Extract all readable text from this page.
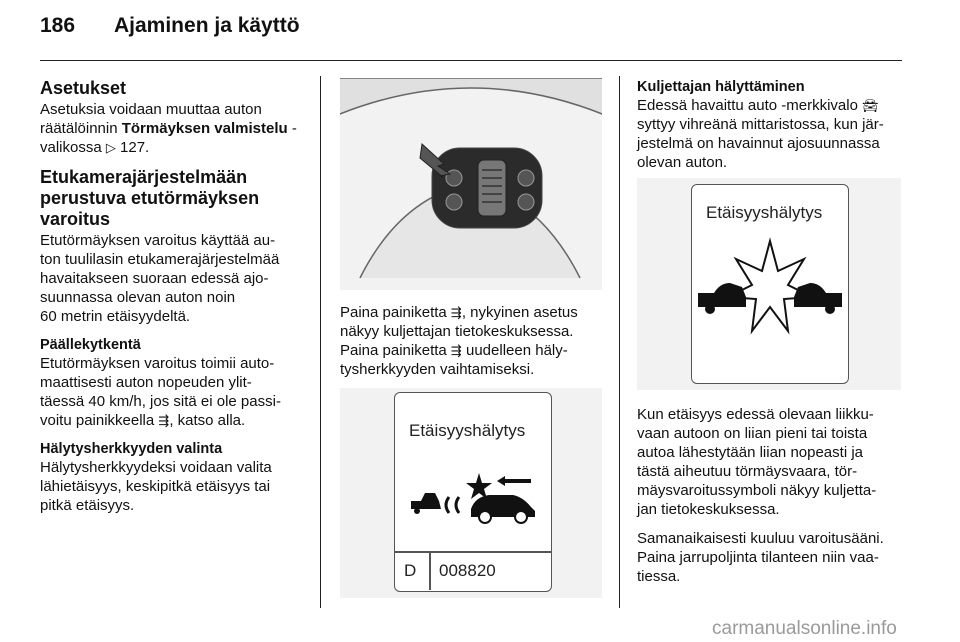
186 Ajaminen ja käyttö
Asetukset
Asetuksia voidaan muuttaa auton
räätälöinnin Törmäyksen valmistelu -
valikossa ▷ 127.
Etukamerajärjestelmään
perustuva etutörmäyksen
varoitus
Etutörmäyksen varoitus käyttää au-
ton tuulilasin etukamerajärjestelmää
havaitakseen suoraan edessä ajo-
suunnassa olevan auton noin
60 metrin etäisyydeltä.
Päällekytkentä
Etutörmäyksen varoitus toimii auto-
maattisesti auton nopeuden ylit-
täessä 40 km/h, jos sitä ei ole passi-
voitu painikkeella ⇶, katso alla.
Hälytysherkkyyden valinta
Hälytysherkkyydeksi voidaan valita
lähietäisyys, keskipitkä etäisyys tai
pitkä etäisyys.
Paina painiketta ⇶, nykyinen asetus
näkyy kuljettajan tietokeskuksessa.
Paina painiketta ⇶ uudelleen häly-
tysherkkyyden vaihtamiseksi.
Etäisyyshälytys
D 008820
Kuljettajan hälyttäminen
Edessä havaittu auto -merkkivalo 🚘︎
syttyy vihreänä mittaristossa, kun jär-
jestelmä on havainnut ajosuunnassa
olevan auton.
Etäisyyshälytys
Kun etäisyys edessä olevaan liikku-
vaan autoon on liian pieni tai toista
autoa lähestytään liian nopeasti ja
tästä aiheutuu törmäysvaara, tör-
mäysvaroitussymboli näkyy kuljetta-
jan tietokeskuksessa.
Samanaikaisesti kuuluu varoitusääni.
Paina jarrupoljinta tilanteen niin vaa-
tiessa.
carmanualsonline.info
